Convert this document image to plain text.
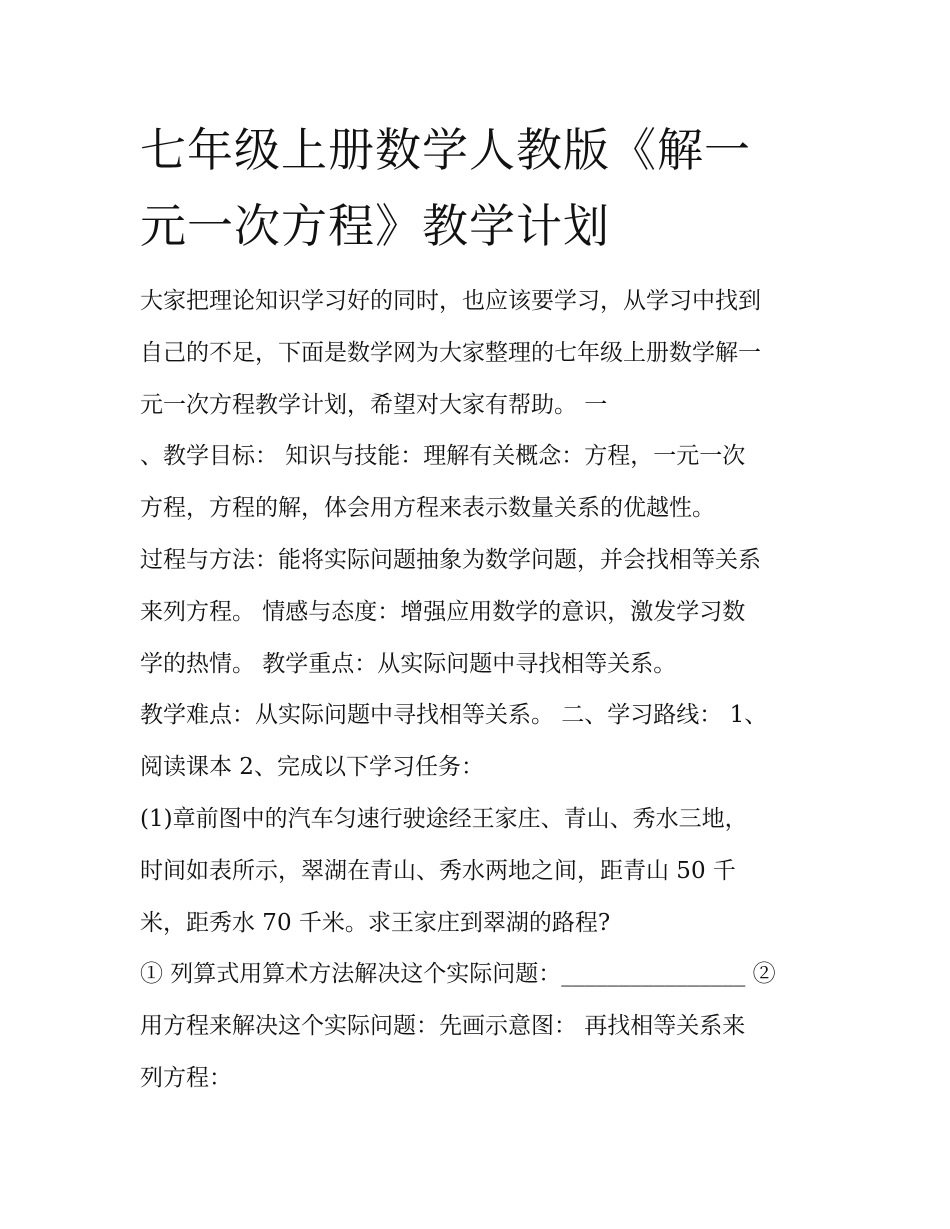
七年级上册数学人教版《解一
元一次方程》教学计划
大家把理论知识学习好的同时，也应该要学习，从学习中找到
自己的不足，下面是数学网为大家整理的七年级上册数学解一
元一次方程教学计划，希望对大家有帮助。 一
、教学目标： 知识与技能：理解有关概念：方程，一元一次
方程，方程的解，体会用方程来表示数量关系的优越性。
过程与方法：能将实际问题抽象为数学问题，并会找相等关系
来列方程。 情感与态度：增强应用数学的意识，激发学习数
学的热情。 教学重点：从实际问题中寻找相等关系。
教学难点：从实际问题中寻找相等关系。 二、学习路线： 1、
阅读课本 2、完成以下学习任务：
(1)章前图中的汽车匀速行驶途经王家庄、青山、秀水三地，
时间如表所示，翠湖在青山、秀水两地之间，距青山 50 千
米，距秀水 70 千米。求王家庄到翠湖的路程?
① 列算式用算术方法解决这个实际问题：________________ ②
用方程来解决这个实际问题：先画示意图： 再找相等关系来
列方程：
